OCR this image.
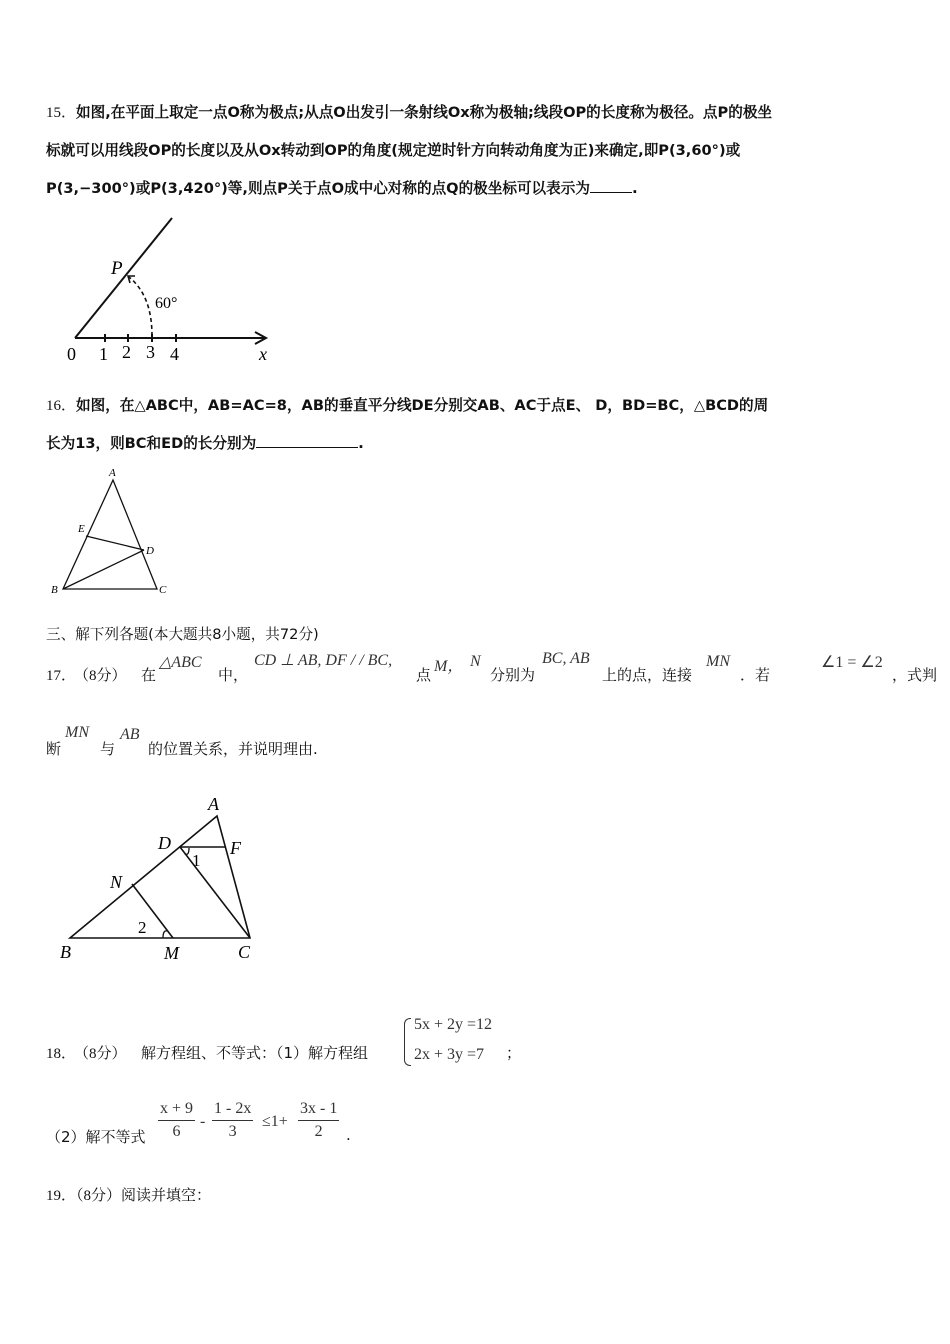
15．如图,在平面上取定一点O称为极点;从点O出发引一条射线Ox称为极轴;线段OP的长度称为极径。点P的极坐
标就可以用线段OP的长度以及从Ox转动到OP的角度(规定逆时针方向转动角度为正)来确定,即P(3,60°)或
P(3,−300°)或P(3,420°)等,则点P关于点O成中心对称的点Q的极坐标可以表示为	.
P
60°
0 1 2 3 4	x
16．如图，在△ABC中，AB=AC=8，AB的垂直平分线DE分别交AB、AC于点E、 D，BD=BC，△BCD的周
长为13，则BC和ED的长分别为	.
A
E
D
B	C
三、解下列各题(本大题共8小题，共72分)
17．
（8分） 在
△ABC
中，
CD ⊥ AB, DF / / BC,
点 M， N
分别为
BC, AB
上的点，连接
MN
．若
∠1 = ∠2
，式判
断
MN
与
AB
的位置关系，并说明理由.
A
D	F
1
N
2
B	M	C
18．
（8分） 解方程组、不等式：（1）解方程组
5x + 2y =12
2x + 3y =7 ；
（2）解不等式 $\frac{x + 9}{6} - \frac{1 - 2x}{3} \le 1+ \frac{3x - 1}{2}$ .
19．（8分）阅读并填空：
